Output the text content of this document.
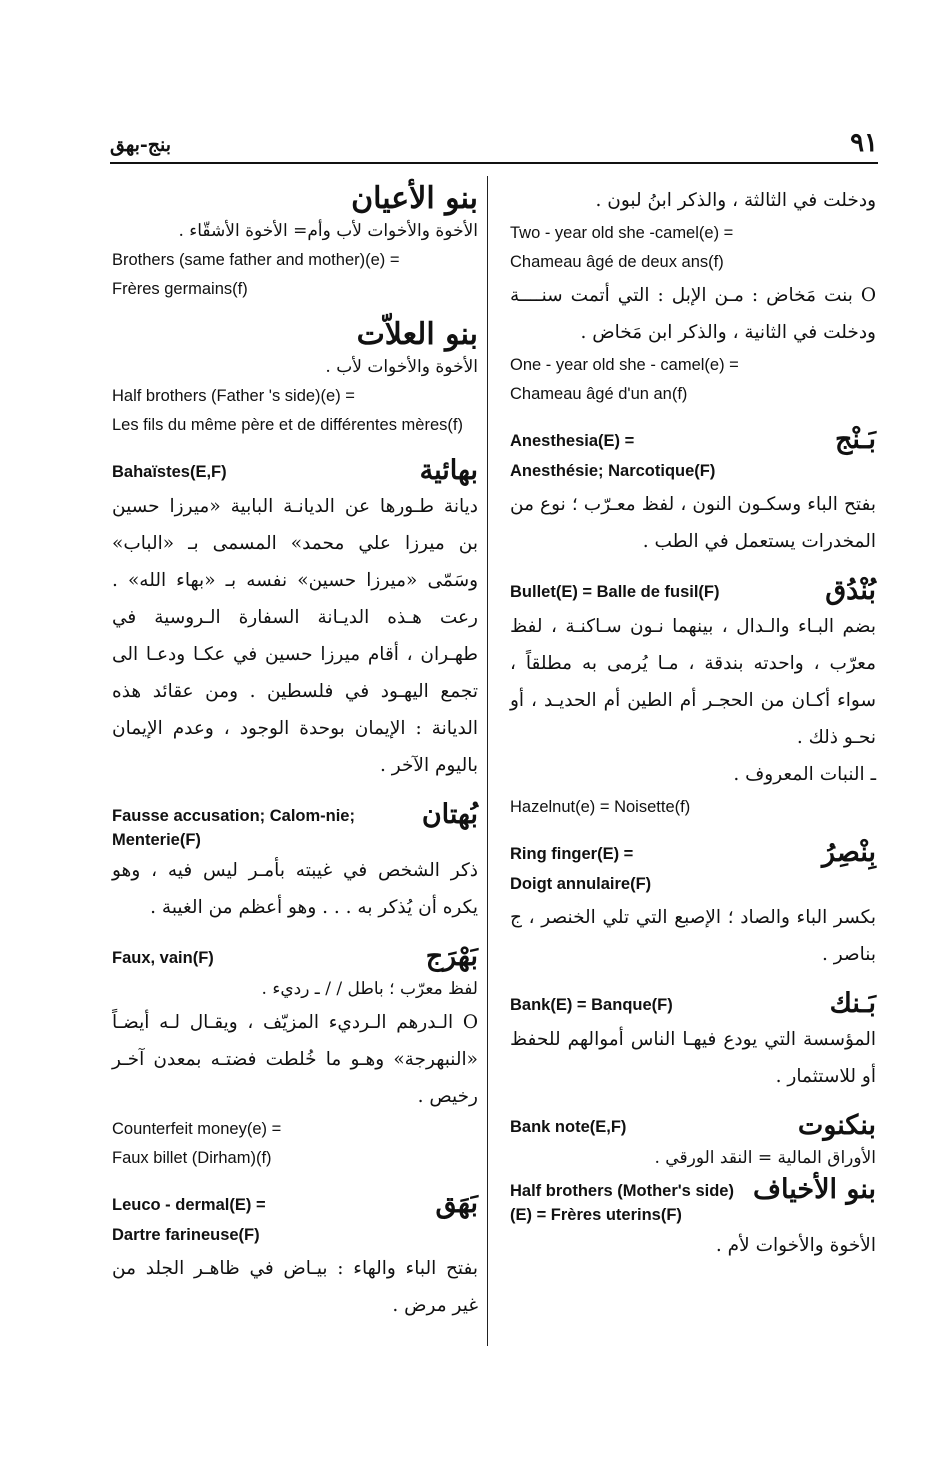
٩١
بنج-بهق
ودخلت في الثالثة ، والذكر ابنُ لبون .
Two - year old she -camel(e) =
Chameau âgé de deux ans(f)
O بنت مَخاض : مـن الإبل : التي أتمت سنــــة ودخلت في الثانية ، والذكر ابن مَخاض .
One - year old she - camel(e) =
Chameau âgé d'un an(f)
بَـنْج
Anesthesia(E) =
Anesthésie; Narcotique(F)
بفتح الباء وسكـون النون ، لفظ معـرّب ؛ نوع من المخدرات يستعمل في الطب .
بُنْدُق
Bullet(E) = Balle de fusil(F)
بضم البـاء والـدال ، بينهما نـون سـاكنـة ، لفظ معرّب ، واحدته بندقة ، مـا يُرمى به مطلقاً ، سواء أكـان من الحجـر أم الطين أم الحديـد ، أو نحـو ذلك .
ـ النبات المعروف .
Hazelnut(e) = Noisette(f)
بِنْصِرُ
Ring finger(E) =
Doigt annulaire(F)
بكسر الباء والصاد ؛ الإصبع التي تلي الخنصر ، ج بناصر .
بَـنك
Bank(E) = Banque(F)
المؤسسة التي يودع فيهـا الناس أموالهم للحفظ أو للاستثمار .
بنكنوت
Bank note(E,F)
الأوراق المالية = النقد الورقي .
بنو الأخياف
Half brothers (Mother's side)(E) = Frères uterins(F)
الأخوة والأخوات لأم .
بنو الأعيان
الأخوة والأخوات لأب وأم= الأخوة الأشقّاء .
Brothers (same father and mother)(e) =
Frères germains(f)
بنو العلاّت
الأخوة والأخوات لأب .
Half brothers (Father 's side)(e) =
Les fils du même père et de différentes mères(f)
بهائية
Bahaïstes(E,F)
ديانة طـورها عن الديانـة البابية «ميرزا حسين بن ميرزا علي محمد» المسمى بـ «الباب» وسَمّى «ميرزا حسين» نفسه بـ «بهاء الله» . رعت هـذه الديـانة السفارة الـروسية في طهـران ، أقام ميرزا حسين في عكـا ودعـا الى تجمع اليهـود في فلسطين . ومن عقائد هذه الديانة : الإيمان بوحدة الوجود ، وعدم الإيمان باليوم الآخر .
بُهتان
Fausse accusation; Calom-nie; Menterie(F)
ذكر الشخص في غيبته بأمـر ليس فيه ، وهو يكره أن يُذكر به . . . وهو أعظم من الغيبة .
بَهْرَج
Faux, vain(F)
لفظ معرّب ؛ باطل / / ـ رديء .
O الـدرهم الـرديء المزيّف ، ويقـال لـه أيضـاً «النبهرجة» وهـو ما خُلطت فضتـه بمعدن آخـر رخيص .
Counterfeit money(e) =
Faux billet (Dirham)(f)
بَهَق
Leuco - dermal(E) =
Dartre farineuse(F)
بفتح الباء والهاء : بيـاض في ظاهـر الجلد من غير مرض .
